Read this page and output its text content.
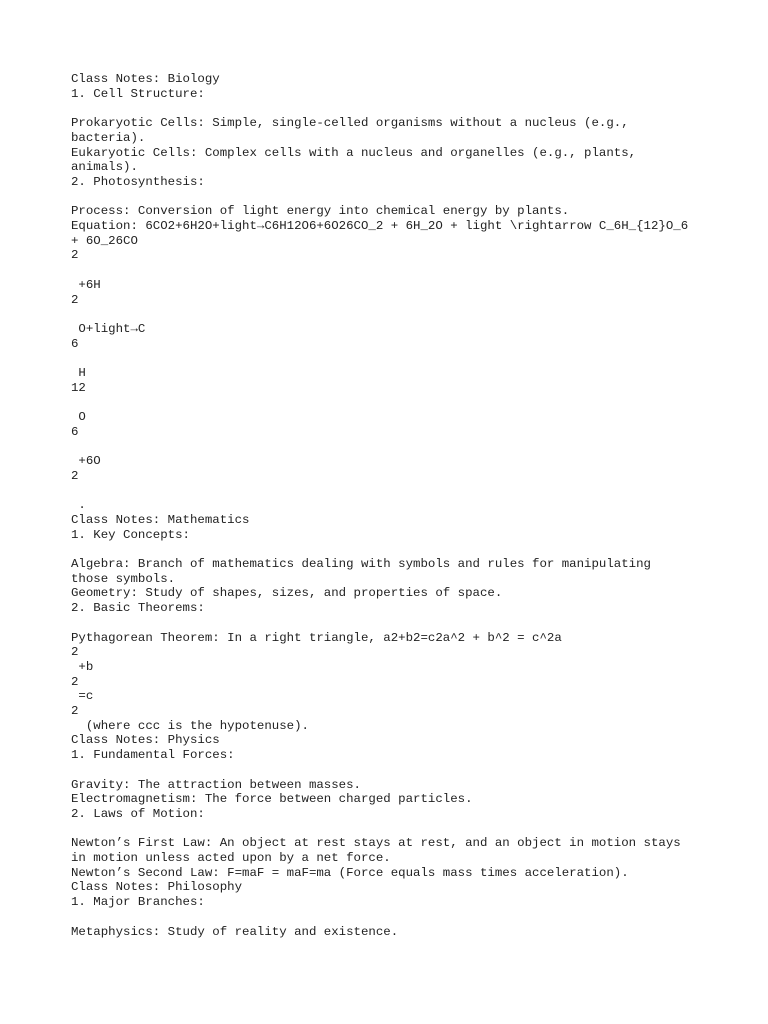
Class Notes: Biology
1. Cell Structure:
Prokaryotic Cells: Simple, single-celled organisms without a nucleus (e.g.,
bacteria).
Eukaryotic Cells: Complex cells with a nucleus and organelles (e.g., plants,
animals).
2. Photosynthesis:
Process: Conversion of light energy into chemical energy by plants.
Equation: 6CO2+6H2O+light→C6H12O6+6O26CO_2 + 6H_2O + light \rightarrow C_6H_{12}O_6
+ 6O_26CO
2
+6H
2
O+light→C
6
H
12
O
6
+6O
2
.
Class Notes: Mathematics
1. Key Concepts:
Algebra: Branch of mathematics dealing with symbols and rules for manipulating
those symbols.
Geometry: Study of shapes, sizes, and properties of space.
2. Basic Theorems:
Pythagorean Theorem: In a right triangle, a2+b2=c2a^2 + b^2 = c^2a
2
+b
2
=c
2
(where ccc is the hypotenuse).
Class Notes: Physics
1. Fundamental Forces:
Gravity: The attraction between masses.
Electromagnetism: The force between charged particles.
2. Laws of Motion:
Newton’s First Law: An object at rest stays at rest, and an object in motion stays
in motion unless acted upon by a net force.
Newton’s Second Law: F=maF = maF=ma (Force equals mass times acceleration).
Class Notes: Philosophy
1. Major Branches:
Metaphysics: Study of reality and existence.
